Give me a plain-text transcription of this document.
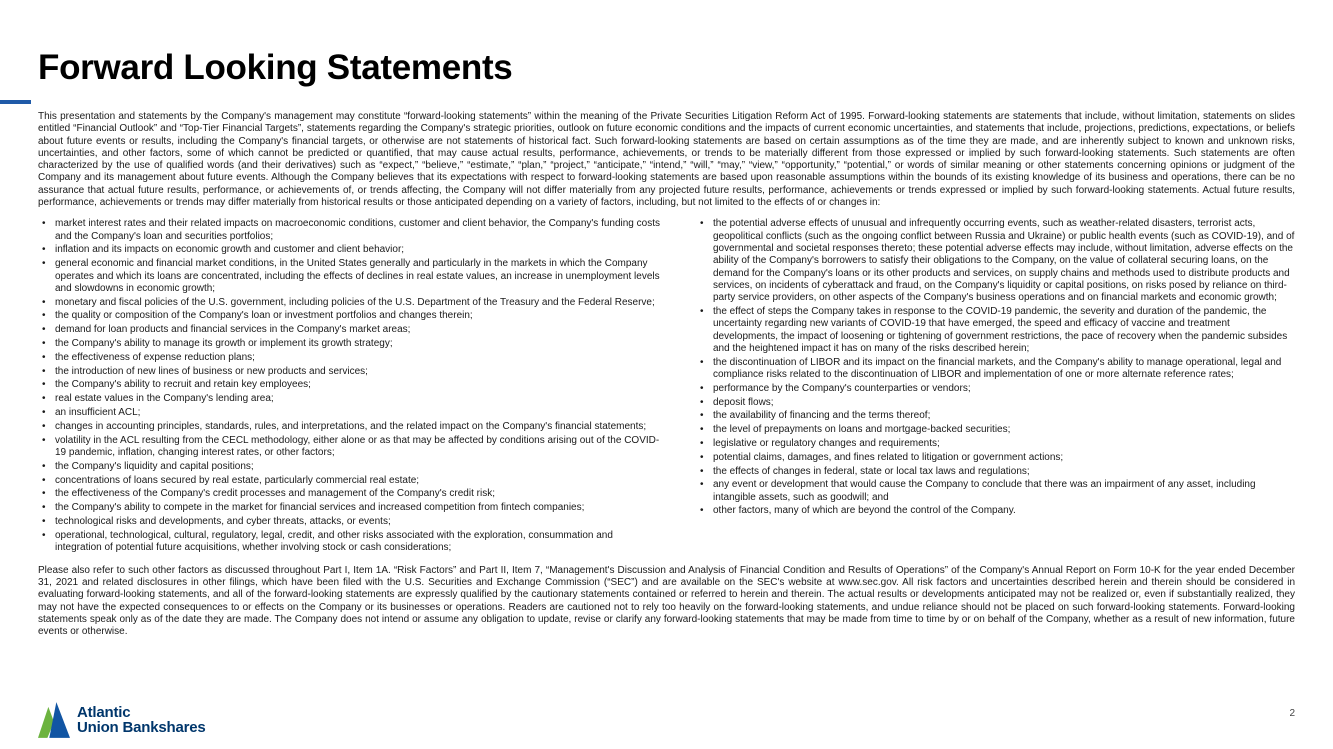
Forward Looking Statements

This presentation and statements by the Company's management may constitute “forward-looking statements” within the meaning of the Private Securities Litigation Reform Act of 1995. Forward-looking statements are statements that include, without limitation, statements on slides entitled “Financial Outlook” and “Top-Tier Financial Targets”, statements regarding the Company's strategic priorities, outlook on future economic conditions and the impacts of current economic uncertainties, and statements that include, projections, predictions, expectations, or beliefs about future events or results, including the Company's financial targets, or otherwise are not statements of historical fact. Such forward-looking statements are based on certain assumptions as of the time they are made, and are inherently subject to known and unknown risks, uncertainties, and other factors, some of which cannot be predicted or quantified, that may cause actual results, performance, achievements, or trends to be materially different from those expressed or implied by such forward-looking statements. Such statements are often characterized by the use of qualified words (and their derivatives) such as “expect,” “believe,” “estimate,” “plan,” “project,” “anticipate,” “intend,” “will,” “may,” “view,” “opportunity,” “potential,” or words of similar meaning or other statements concerning opinions or judgment of the Company and its management about future events. Although the Company believes that its expectations with respect to forward-looking statements are based upon reasonable assumptions within the bounds of its existing knowledge of its business and operations, there can be no assurance that actual future results, performance, or achievements of, or trends affecting, the Company will not differ materially from any projected future results, performance, achievements or trends expressed or implied by such forward-looking statements. Actual future results, performance, achievements or trends may differ materially from historical results or those anticipated depending on a variety of factors, including, but not limited to the effects of or changes in:

• market interest rates and their related impacts on macroeconomic conditions, customer and client behavior, the Company's funding costs and the Company's loan and securities portfolios;
• inflation and its impacts on economic growth and customer and client behavior;
• general economic and financial market conditions, in the United States generally and particularly in the markets in which the Company operates and which its loans are concentrated, including the effects of declines in real estate values, an increase in unemployment levels and slowdowns in economic growth;
• monetary and fiscal policies of the U.S. government, including policies of the U.S. Department of the Treasury and the Federal Reserve;
• the quality or composition of the Company's loan or investment portfolios and changes therein;
• demand for loan products and financial services in the Company's market areas;
• the Company's ability to manage its growth or implement its growth strategy;
• the effectiveness of expense reduction plans;
• the introduction of new lines of business or new products and services;
• the Company's ability to recruit and retain key employees;
• real estate values in the Company's lending area;
• an insufficient ACL;
• changes in accounting principles, standards, rules, and interpretations, and the related impact on the Company's financial statements;
• volatility in the ACL resulting from the CECL methodology, either alone or as that may be affected by conditions arising out of the COVID-19 pandemic, inflation, changing interest rates, or other factors;
• the Company's liquidity and capital positions;
• concentrations of loans secured by real estate, particularly commercial real estate;
• the effectiveness of the Company's credit processes and management of the Company's credit risk;
• the Company's ability to compete in the market for financial services and increased competition from fintech companies;
• technological risks and developments, and cyber threats, attacks, or events;
• operational, technological, cultural, regulatory, legal, credit, and other risks associated with the exploration, consummation and integration of potential future acquisitions, whether involving stock or cash considerations;
• the potential adverse effects of unusual and infrequently occurring events, such as weather-related disasters, terrorist acts, geopolitical conflicts (such as the ongoing conflict between Russia and Ukraine) or public health events (such as COVID-19), and of governmental and societal responses thereto; these potential adverse effects may include, without limitation, adverse effects on the ability of the Company's borrowers to satisfy their obligations to the Company, on the value of collateral securing loans, on the demand for the Company's loans or its other products and services, on supply chains and methods used to distribute products and services, on incidents of cyberattack and fraud, on the Company's liquidity or capital positions, on risks posed by reliance on third-party service providers, on other aspects of the Company's business operations and on financial markets and economic growth;
• the effect of steps the Company takes in response to the COVID-19 pandemic, the severity and duration of the pandemic, the uncertainty regarding new variants of COVID-19 that have emerged, the speed and efficacy of vaccine and treatment developments, the impact of loosening or tightening of government restrictions, the pace of recovery when the pandemic subsides and the heightened impact it has on many of the risks described herein;
• the discontinuation of LIBOR and its impact on the financial markets, and the Company's ability to manage operational, legal and compliance risks related to the discontinuation of LIBOR and implementation of one or more alternate reference rates;
• performance by the Company's counterparties or vendors;
• deposit flows;
• the availability of financing and the terms thereof;
• the level of prepayments on loans and mortgage-backed securities;
• legislative or regulatory changes and requirements;
• potential claims, damages, and fines related to litigation or government actions;
• the effects of changes in federal, state or local tax laws and regulations;
• any event or development that would cause the Company to conclude that there was an impairment of any asset, including intangible assets, such as goodwill; and
• other factors, many of which are beyond the control of the Company.

Please also refer to such other factors as discussed throughout Part I, Item 1A. “Risk Factors” and Part II, Item 7, “Management's Discussion and Analysis of Financial Condition and Results of Operations” of the Company's Annual Report on Form 10-K for the year ended December 31, 2021 and related disclosures in other filings, which have been filed with the U.S. Securities and Exchange Commission (“SEC”) and are available on the SEC's website at www.sec.gov. All risk factors and uncertainties described herein and therein should be considered in evaluating forward-looking statements, and all of the forward-looking statements are expressly qualified by the cautionary statements contained or referred to herein and therein. The actual results or developments anticipated may not be realized or, even if substantially realized, they may not have the expected consequences to or effects on the Company or its businesses or operations. Readers are cautioned not to rely too heavily on the forward-looking statements, and undue reliance should not be placed on such forward-looking statements. Forward-looking statements speak only as of the date they are made. The Company does not intend or assume any obligation to update, revise or clarify any forward-looking statements that may be made from time to time by or on behalf of the Company, whether as a result of new information, future events or otherwise.

Atlantic
Union Bankshares
2
